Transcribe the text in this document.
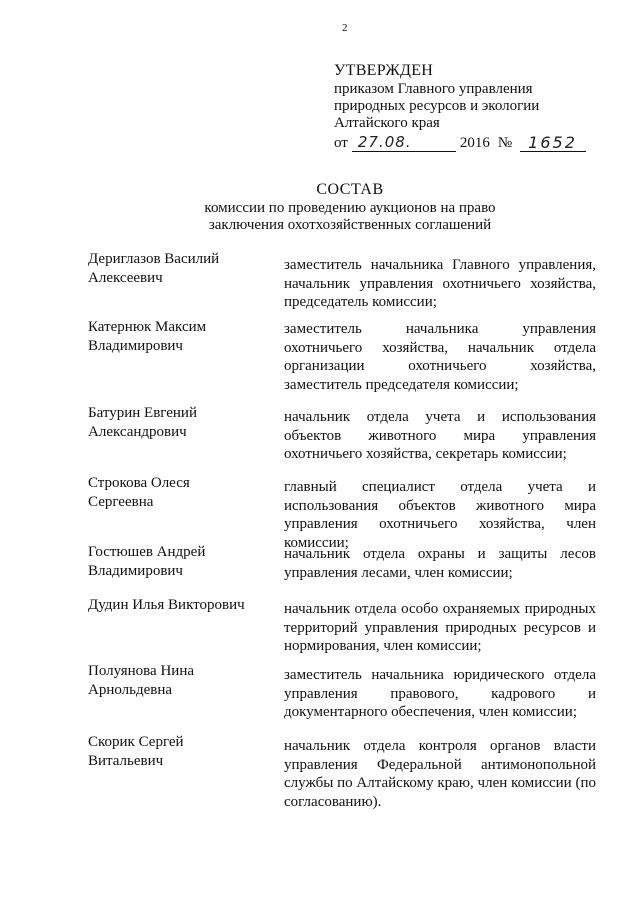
2
УТВЕРЖДЕН
приказом Главного управления
природных ресурсов и экологии
Алтайского края
от 27.08.	2016 № 1652
СОСТАВ
комиссии по проведению аукционов на право
заключения охотхозяйственных соглашений
Дериглазов Василий
Алексеевич
заместитель начальника Главного управления, начальник управления охотничьего хозяйства, председатель комиссии;
Катернюк Максим
Владимирович
заместитель начальника управления охотничьего хозяйства, начальник отдела организации охотничьего хозяйства, заместитель председателя комиссии;
Батурин Евгений
Александрович
начальник отдела учета и использования объектов животного мира управления охотничьего хозяйства, секретарь комиссии;
Строкова Олеся
Сергеевна
главный специалист отдела учета и использования объектов животного мира управления охотничьего хозяйства, член комиссии;
Гостюшев Андрей
Владимирович
начальник отдела охраны и защиты лесов управления лесами, член комиссии;
Дудин Илья Викторович	начальник отдела особо охраняемых природных территорий управления природных ресурсов и нормирования, член комиссии;
Полуянова Нина
Арнольдевна
заместитель начальника юридического отдела управления правового, кадрового и документарного обеспечения, член комиссии;
Скорик Сергей
Витальевич
начальник отдела контроля органов власти управления Федеральной антимонопольной службы по Алтайскому краю, член комиссии (по согласованию).
